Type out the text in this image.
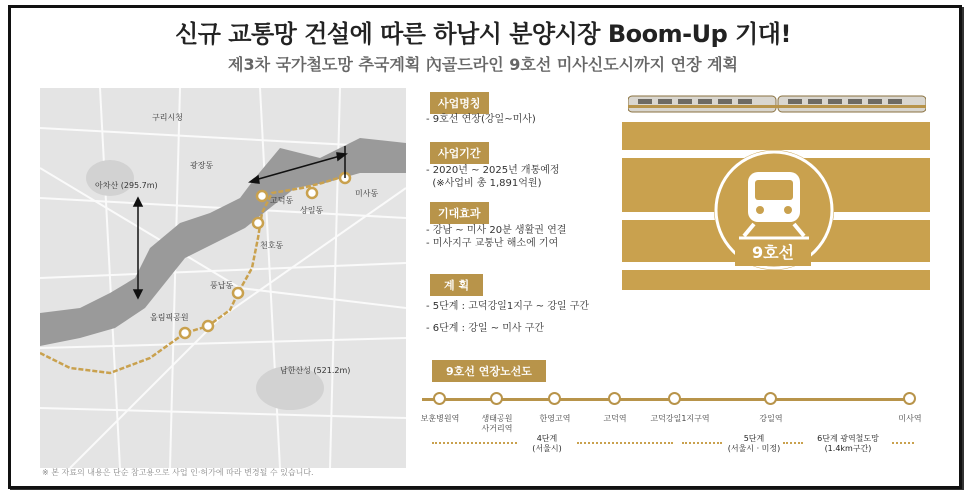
신규 교통망 건설에 따른 하남시 분양시장 Boom-Up 기대!
제3차 국가철도망 추국계획 內골드라인 9호선 미사신도시까지 연장 계획
구리시청
아차산 (295.7m)
광장동
천호동
풍납동
올림픽공원
남한산성 (521.2m)
고덕동
상일동
미사동
※ 본 자료의 내용은 단순 참고용으로 사업 인·허가에 따라 변경될 수 있습니다.
사업명칭
- 9호선 연장(강일~미사)
사업기간
- 2020년 ~ 2025년 개통예정
(※사업비 총 1,891억원)
기대효과
- 강남 ~ 미사 20분 생활권 연결
- 미사지구 교통난 해소에 기여
계 획
- 5단계 : 고덕강일1지구 ~ 강일 구간
- 6단계 : 강일 ~ 미사 구간
9호선
9호선 연장노선도
보훈병원역	생태공원
사거리역
한영고역	고덕역	고덕강일1지구역	강일역	미사역
4단계
(서울시)
5단계
(서울시 · 미정)
6단계 광역철도망
(1.4km구간)
